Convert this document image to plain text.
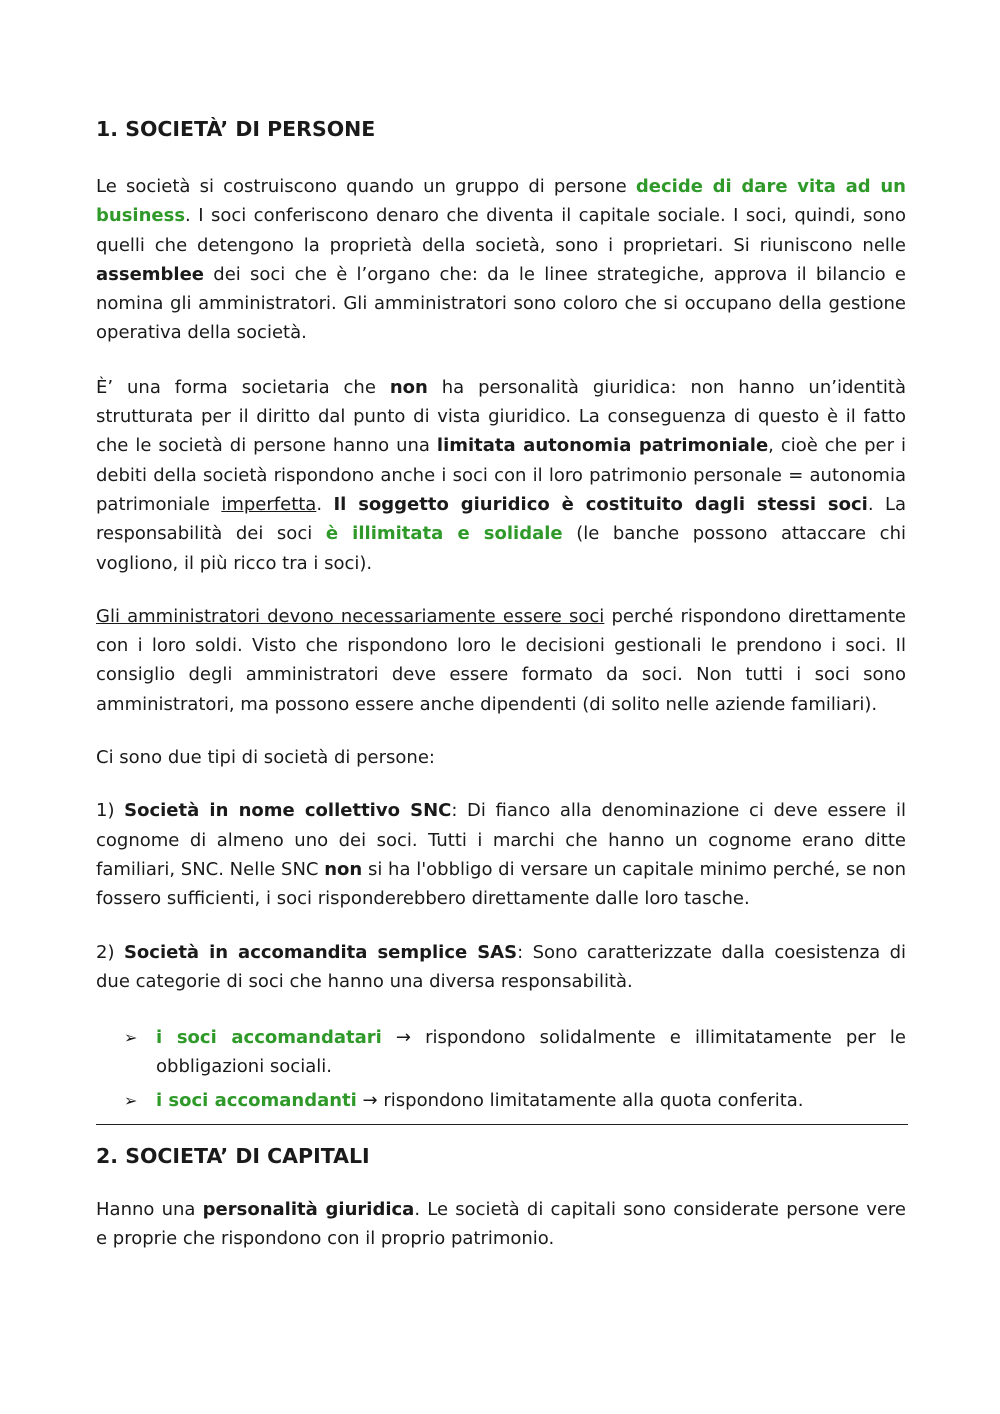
1. SOCIETÀ’ DI PERSONE

Le società si costruiscono quando un gruppo di persone decide di dare vita ad un business. I soci conferiscono denaro che diventa il capitale sociale. I soci, quindi, sono quelli che detengono la proprietà della società, sono i proprietari. Si riuniscono nelle assemblee dei soci che è l’organo che: da le linee strategiche, approva il bilancio e nomina gli amministratori. Gli amministratori sono coloro che si occupano della gestione operativa della società.

È’ una forma societaria che non ha personalità giuridica: non hanno un’identità strutturata per il diritto dal punto di vista giuridico. La conseguenza di questo è il fatto che le società di persone hanno una limitata autonomia patrimoniale, cioè che per i debiti della società rispondono anche i soci con il loro patrimonio personale = autonomia patrimoniale imperfetta. Il soggetto giuridico è costituito dagli stessi soci. La responsabilità dei soci è illimitata e solidale (le banche possono attaccare chi vogliono, il più ricco tra i soci).

Gli amministratori devono necessariamente essere soci perché rispondono direttamente con i loro soldi. Visto che rispondono loro le decisioni gestionali le prendono i soci. Il consiglio degli amministratori deve essere formato da soci. Non tutti i soci sono amministratori, ma possono essere anche dipendenti (di solito nelle aziende familiari).

Ci sono due tipi di società di persone:

1) Società in nome collettivo SNC: Di fianco alla denominazione ci deve essere il cognome di almeno uno dei soci. Tutti i marchi che hanno un cognome erano ditte familiari, SNC. Nelle SNC non si ha l'obbligo di versare un capitale minimo perché, se non fossero sufficienti, i soci risponderebbero direttamente dalle loro tasche.

2) Società in accomandita semplice SAS: Sono caratterizzate dalla coesistenza di due categorie di soci che hanno una diversa responsabilità.

➢ i soci accomandatari → rispondono solidalmente e illimitatamente per le obbligazioni sociali.
➢ i soci accomandanti → rispondono limitatamente alla quota conferita.
2. SOCIETA’ DI CAPITALI

Hanno una personalità giuridica. Le società di capitali sono considerate persone vere e proprie che rispondono con il proprio patrimonio.
